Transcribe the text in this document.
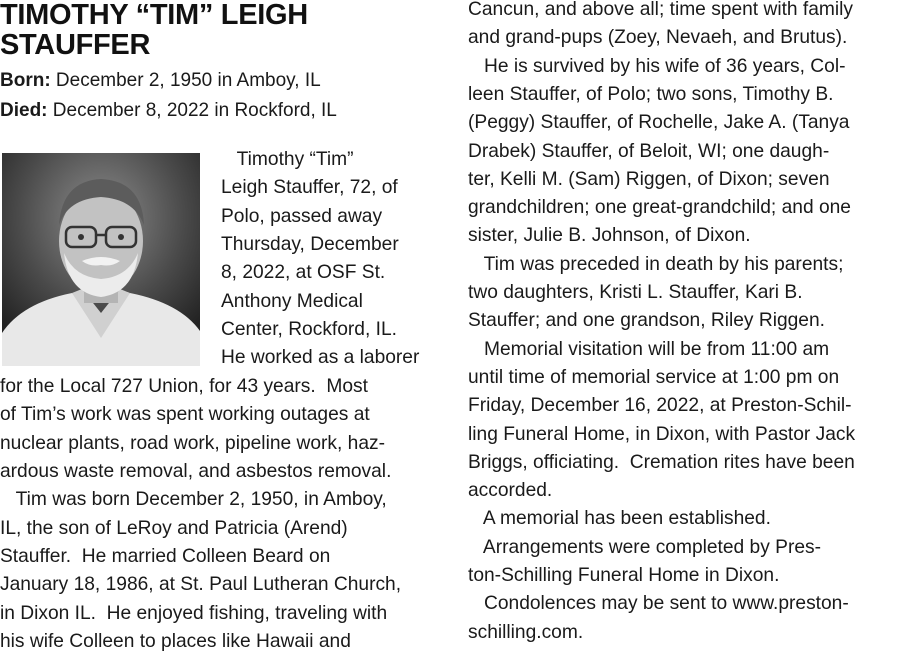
TIMOTHY “TIM” LEIGH
STAUFFER

Born: December 2, 1950 in Amboy, IL

Died: December 8, 2022 in Rockford, IL

Timothy “Tim”
Leigh Stauffer, 72, of
Polo, passed away
Thursday, December
8, 2022, at OSF St.
Anthony Medical
Center, Rockford, IL.
He worked as a laborer
for the Local 727 Union, for 43 years.  Most
of Tim’s work was spent working outages at
nuclear plants, road work, pipeline work, haz-
ardous waste removal, and asbestos removal.
Tim was born December 2, 1950, in Amboy,
IL, the son of LeRoy and Patricia (Arend)
Stauffer.  He married Colleen Beard on
January 18, 1986, at St. Paul Lutheran Church,
in Dixon IL.  He enjoyed fishing, traveling with
his wife Colleen to places like Hawaii and
Cancun, and above all; time spent with family
and grand-pups (Zoey, Nevaeh, and Brutus).
He is survived by his wife of 36 years, Col-
leen Stauffer, of Polo; two sons, Timothy B.
(Peggy) Stauffer, of Rochelle, Jake A. (Tanya
Drabek) Stauffer, of Beloit, WI; one daugh-
ter, Kelli M. (Sam) Riggen, of Dixon; seven
grandchildren; one great-grandchild; and one
sister, Julie B. Johnson, of Dixon.
Tim was preceded in death by his parents;
two daughters, Kristi L. Stauffer, Kari B.
Stauffer; and one grandson, Riley Riggen.
Memorial visitation will be from 11:00 am
until time of memorial service at 1:00 pm on
Friday, December 16, 2022, at Preston-Schil-
ling Funeral Home, in Dixon, with Pastor Jack
Briggs, officiating.  Cremation rites have been
accorded.
A memorial has been established.
Arrangements were completed by Pres-
ton-Schilling Funeral Home in Dixon.
Condolences may be sent to www.preston-
schilling.com.
